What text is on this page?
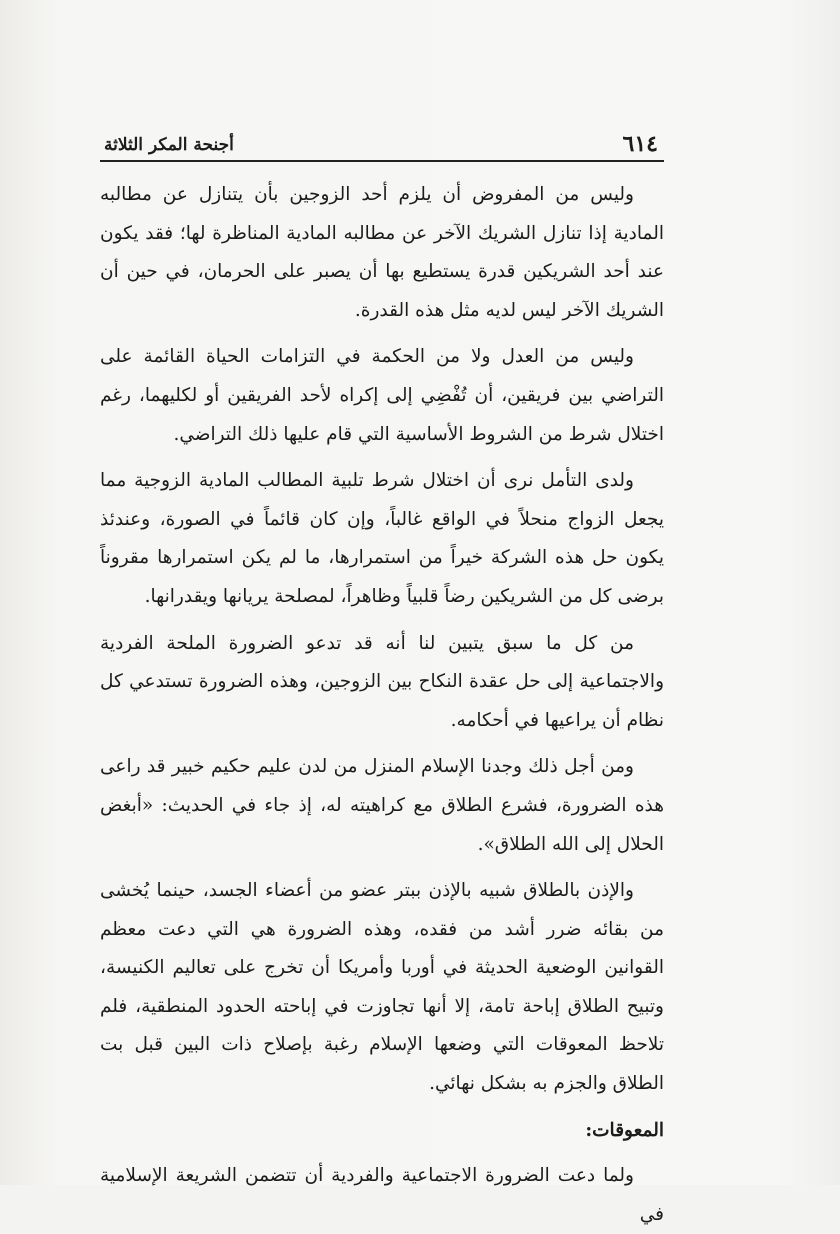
٦١٤
أجنحة المكر الثلاثة

وليس من المفروض أن يلزم أحد الزوجين بأن يتنازل عن مطالبه المادية إذا تنازل الشريك الآخر عن مطالبه المادية المناظرة لها؛ فقد يكون عند أحد الشريكين قدرة يستطيع بها أن يصبر على الحرمان، في حين أن الشريك الآخر ليس لديه مثل هذه القدرة.

وليس من العدل ولا من الحكمة في التزامات الحياة القائمة على التراضي بين فريقين، أن تُفْضِي إلى إكراه لأحد الفريقين أو لكليهما، رغم اختلال شرط من الشروط الأساسية التي قام عليها ذلك التراضي.

ولدى التأمل نرى أن اختلال شرط تلبية المطالب المادية الزوجية مما يجعل الزواج منحلاً في الواقع غالباً، وإن كان قائماً في الصورة، وعندئذ يكون حل هذه الشركة خيراً من استمرارها، ما لم يكن استمرارها مقروناً برضى كل من الشريكين رضاً قلبياً وظاهراً، لمصلحة يريانها ويقدرانها.

من كل ما سبق يتبين لنا أنه قد تدعو الضرورة الملحة الفردية والاجتماعية إلى حل عقدة النكاح بين الزوجين، وهذه الضرورة تستدعي كل نظام أن يراعيها في أحكامه.

ومن أجل ذلك وجدنا الإسلام المنزل من لدن عليم حكيم خبير قد راعى هذه الضرورة، فشرع الطلاق مع كراهيته له، إذ جاء في الحديث: «أبغض الحلال إلى الله الطلاق».

والإذن بالطلاق شبيه بالإذن ببتر عضو من أعضاء الجسد، حينما يُخشى من بقائه ضرر أشد من فقده، وهذه الضرورة هي التي دعت معظم القوانين الوضعية الحديثة في أوربا وأمريكا أن تخرج على تعاليم الكنيسة، وتبيح الطلاق إباحة تامة، إلا أنها تجاوزت في إباحته الحدود المنطقية، فلم تلاحظ المعوقات التي وضعها الإسلام رغبة بإصلاح ذات البين قبل بت الطلاق والجزم به بشكل نهائي.

المعوقات:

ولما دعت الضرورة الاجتماعية والفردية أن تتضمن الشريعة الإسلامية في
